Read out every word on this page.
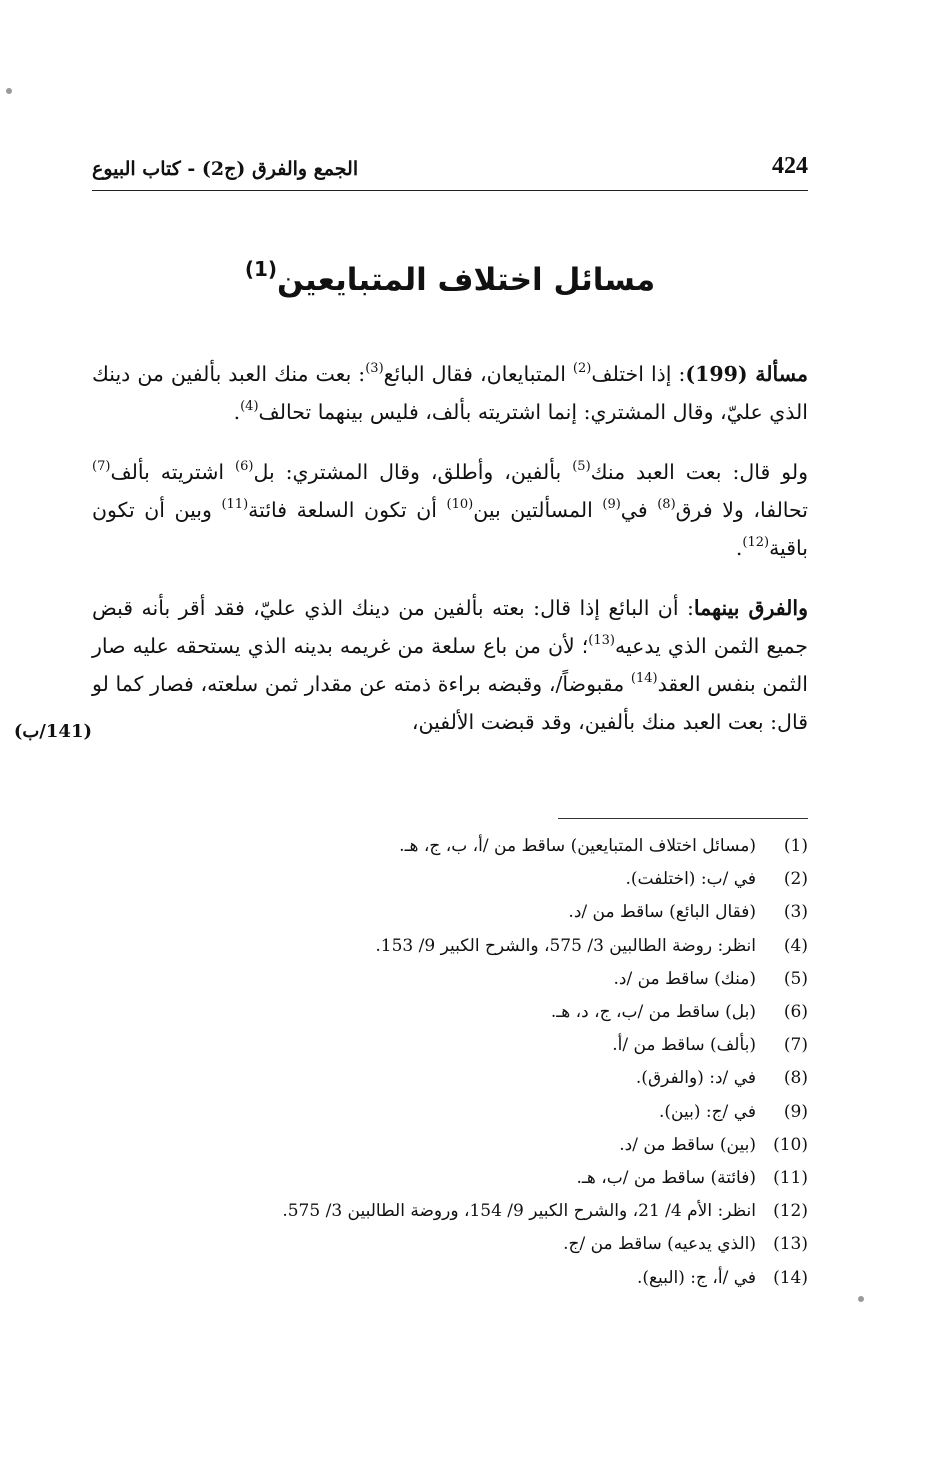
424
الجمع والفرق (ج2) - كتاب البيوع
مسائل اختلاف المتبايعين$^{(1)}$
(141/ب)

مسألة (199): إذا اختلف$^{(2)}$ المتبايعان، فقال البائع$^{(3)}$: بعت منك العبد بألفين من دينك الذي عليّ، وقال المشتري: إنما اشتريته بألف، فليس بينهما تحالف$^{(4)}$.

ولو قال: بعت العبد منك$^{(5)}$ بألفين، وأطلق، وقال المشتري: بل$^{(6)}$ اشتريته بألف$^{(7)}$ تحالفا، ولا فرق$^{(8)}$ في$^{(9)}$ المسألتين بين$^{(10)}$ أن تكون السلعة فائتة$^{(11)}$ وبين أن تكون باقية$^{(12)}$.

والفرق بينهما: أن البائع إذا قال: بعته بألفين من دينك الذي عليّ، فقد أقر بأنه قبض جميع الثمن الذي يدعيه$^{(13)}$؛ لأن من باع سلعة من غريمه بدينه الذي يستحقه عليه صار الثمن بنفس العقد$^{(14)}$ مقبوضاً/، وقبضه براءة ذمته عن مقدار ثمن سلعته، فصار كما لو قال: بعت العبد منك بألفين، وقد قبضت الألفين،

(1)
(مسائل اختلاف المتبايعين) ساقط من /أ، ب، ج، هـ.
(2)
في /ب: (اختلفت).
(3)
(فقال البائع) ساقط من /د.
(4)
انظر: روضة الطالبين 3/ 575، والشرح الكبير 9/ 153.
(5)
(منك) ساقط من /د.
(6)
(بل) ساقط من /ب، ج، د، هـ.
(7)
(بألف) ساقط من /أ.
(8)
في /د: (والفرق).
(9)
في /ج: (بين).
(10)
(بين) ساقط من /د.
(11)
(فائتة) ساقط من /ب، هـ.
(12)
انظر: الأم 4/ 21، والشرح الكبير 9/ 154، وروضة الطالبين 3/ 575.
(13)
(الذي يدعيه) ساقط من /ج.
(14)
في /أ، ج: (البيع).
